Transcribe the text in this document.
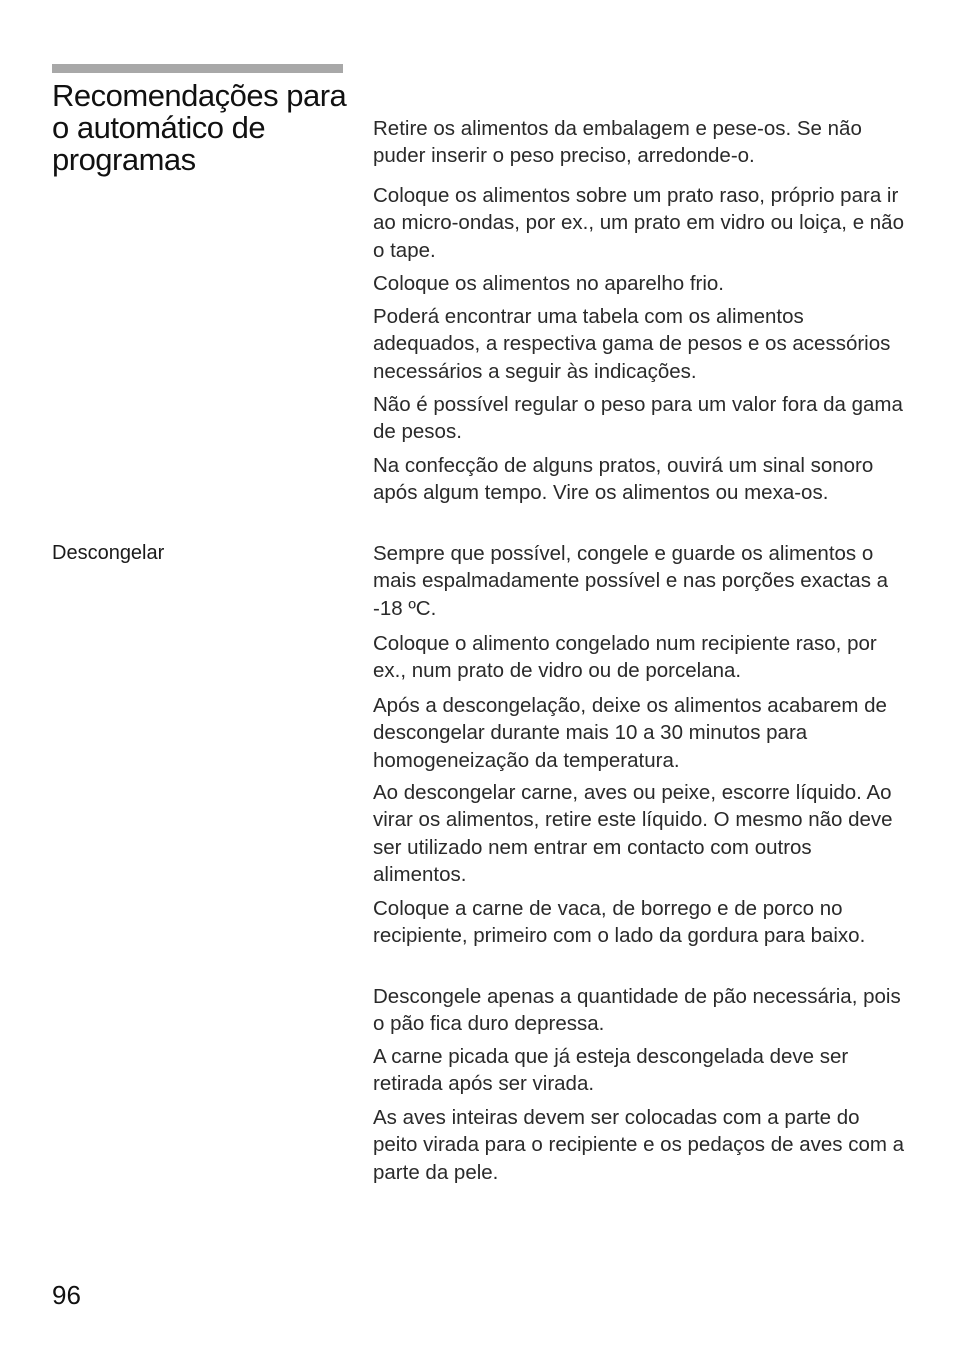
Recomendações para o automático de programas

Retire os alimentos da embalagem e pese-os. Se não puder inserir o peso preciso, arredonde-o.

Coloque os alimentos sobre um prato raso, próprio para ir ao micro-ondas, por ex., um prato em vidro ou loiça, e não o tape.

Coloque os alimentos no aparelho frio.

Poderá encontrar uma tabela com os alimentos adequados, a respectiva gama de pesos e os acessórios necessários a seguir às indicações.

Não é possível regular o peso para um valor fora da gama de pesos.

Na confecção de alguns pratos, ouvirá um sinal sonoro após algum tempo. Vire os alimentos ou mexa-os.

Descongelar	Sempre que possível, congele e guarde os alimentos o mais espalmadamente possível e nas porções exactas a -18 ºC.

Coloque o alimento congelado num recipiente raso, por ex., num prato de vidro ou de porcelana.

Após a descongelação, deixe os alimentos acabarem de descongelar durante mais 10 a 30 minutos para homogeneização da temperatura.

Ao descongelar carne, aves ou peixe, escorre líquido. Ao virar os alimentos, retire este líquido. O mesmo não deve ser utilizado nem entrar em contacto com outros alimentos.

Coloque a carne de vaca, de borrego e de porco no recipiente, primeiro com o lado da gordura para baixo.

Descongele apenas a quantidade de pão necessária, pois o pão fica duro depressa.

A carne picada que já esteja descongelada deve ser retirada após ser virada.

As aves inteiras devem ser colocadas com a parte do peito virada para o recipiente e os pedaços de aves com a parte da pele.

96
